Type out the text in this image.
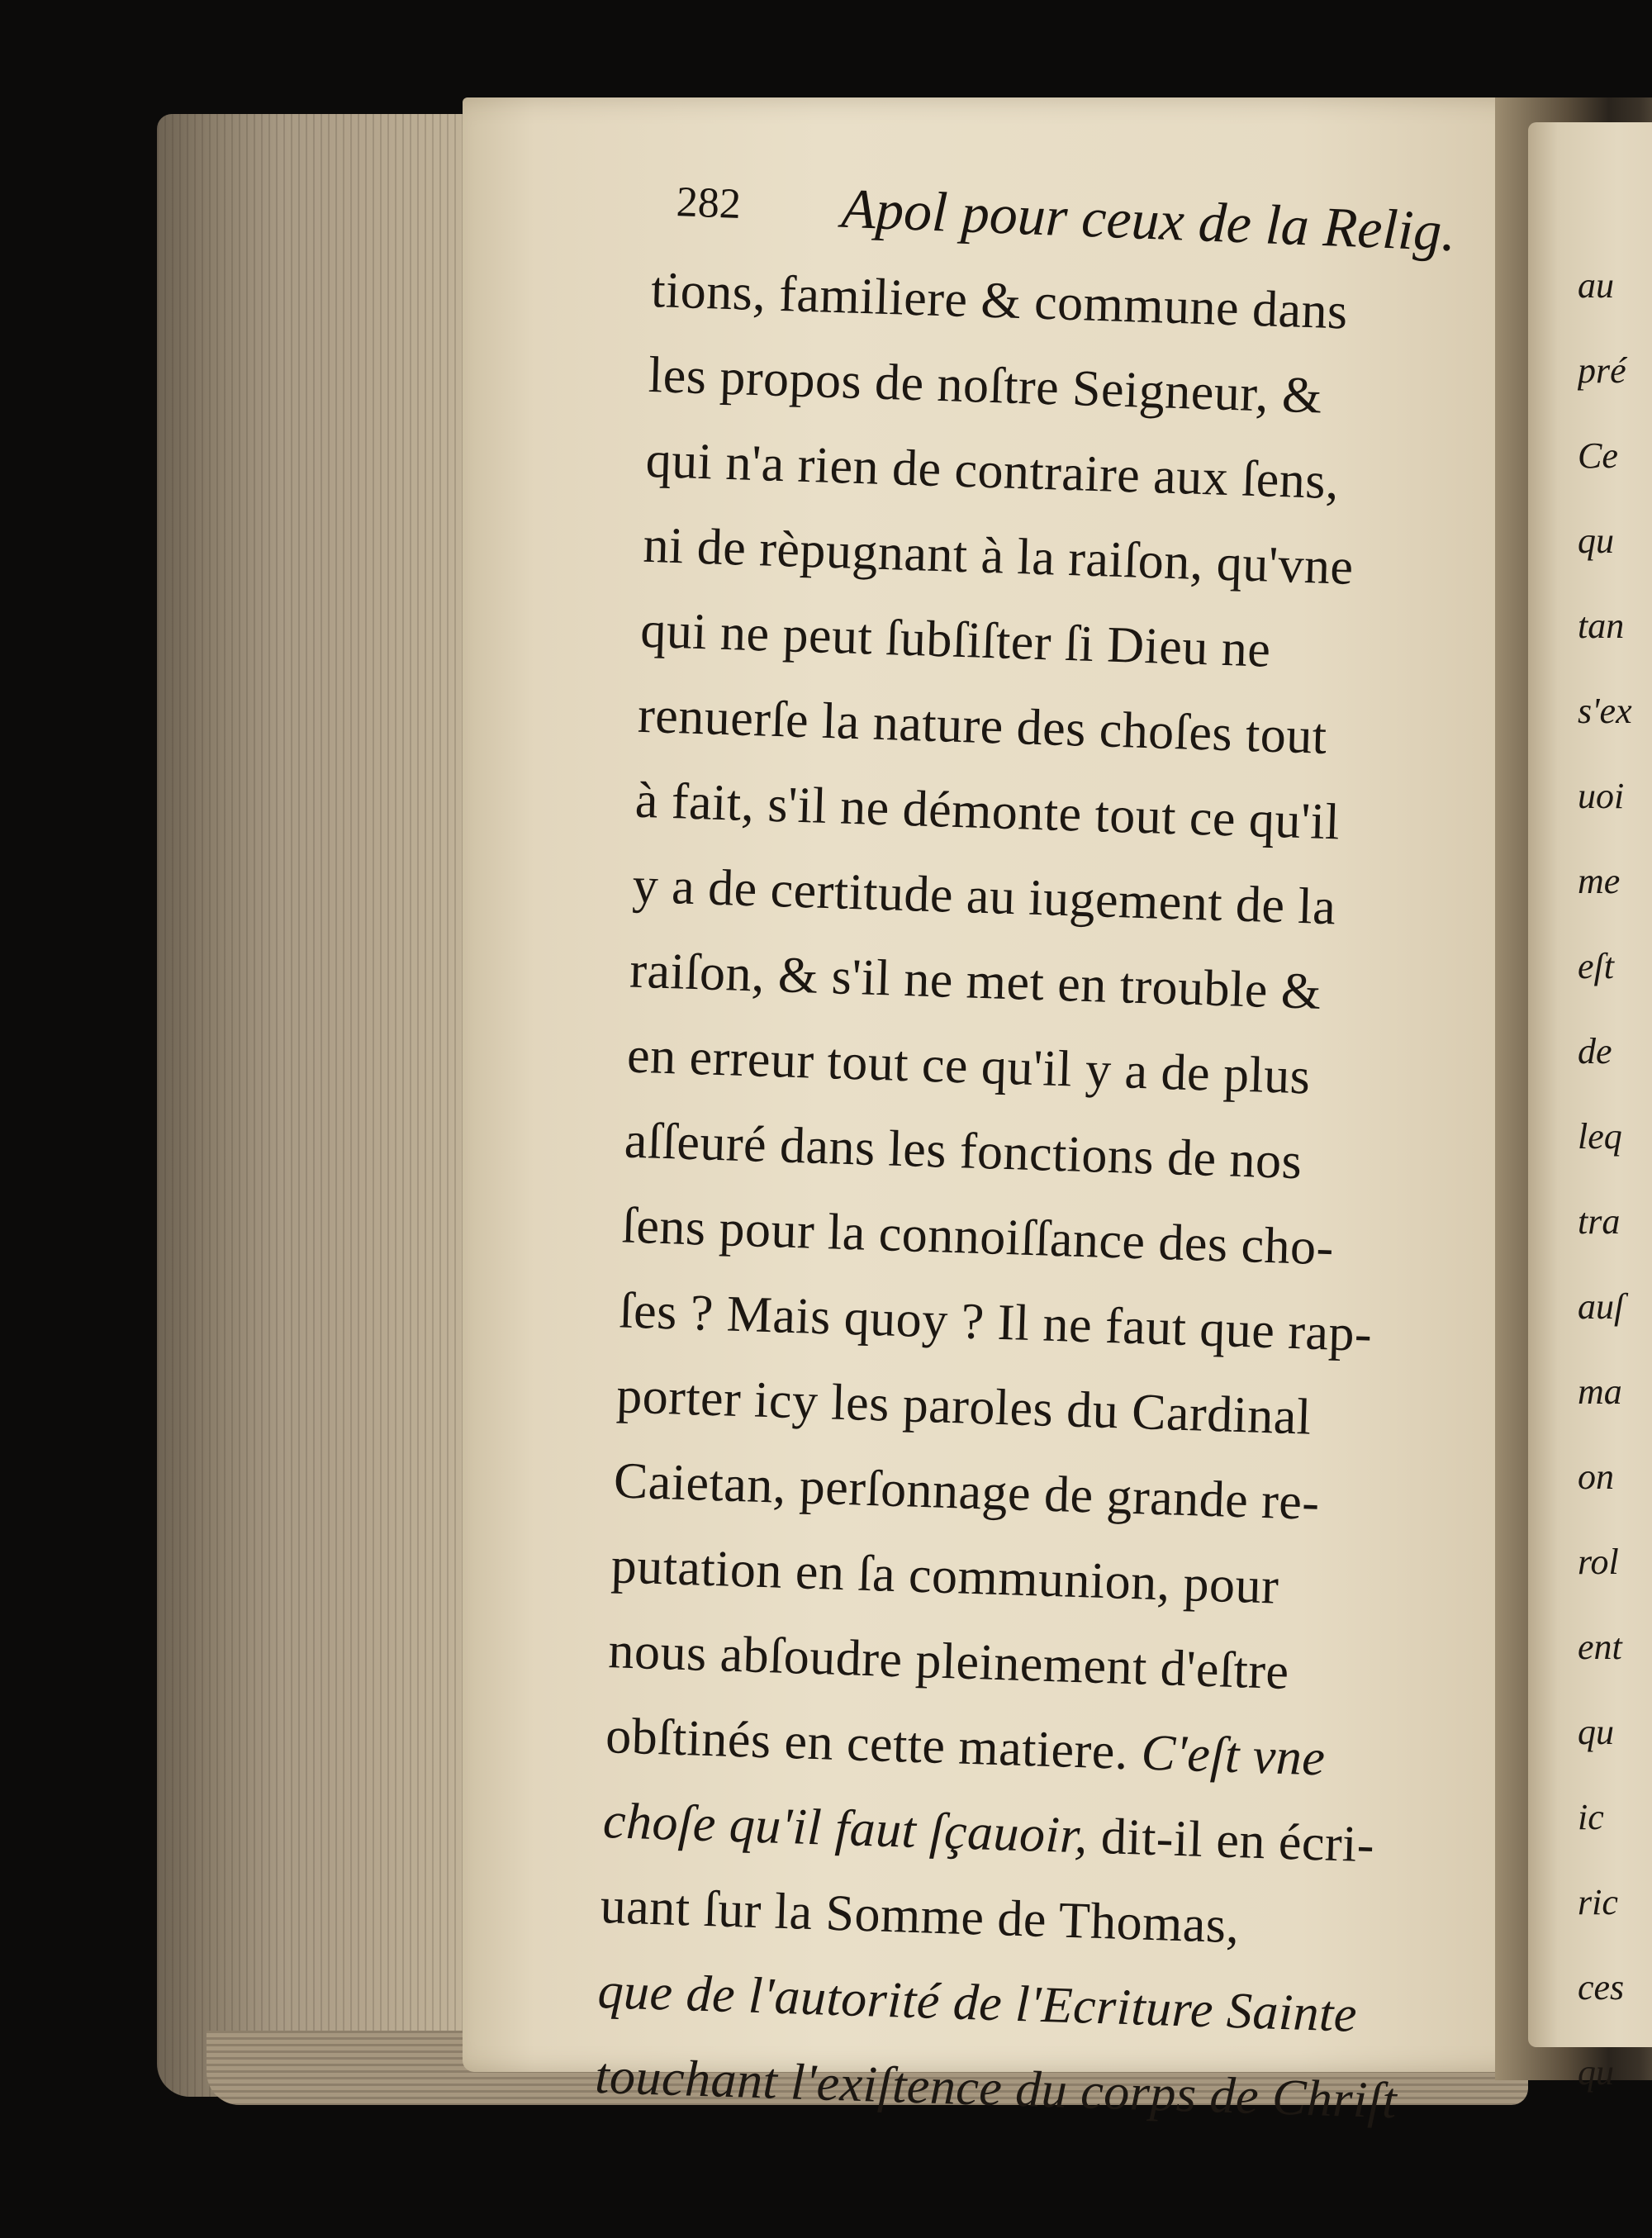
282 Apol pour ceux de la Relig.
tions, familiere & commune dans
les propos de noſtre Seigneur, &
qui n'a rien de contraire aux ſens,
ni de rèpugnant à la raiſon, qu'vne
qui ne peut ſubſiſter ſi Dieu ne
renuerſe la nature des choſes tout
à fait, s'il ne démonte tout ce qu'il
y a de certitude au iugement de la
raiſon, & s'il ne met en trouble &
en erreur tout ce qu'il y a de plus
aſſeuré dans les fonctions de nos
ſens pour la connoiſſance des cho-
ſes ? Mais quoy ? Il ne faut que rap-
porter icy les paroles du Cardinal
Caietan, perſonnage de grande re-
putation en ſa communion, pour
nous abſoudre pleinement d'eſtre
obſtinés en cette matiere. C'eſt vne
choſe qu'il faut ſçauoir, dit-il en écri-
uant ſur la Somme de Thomas,
que de l'autorité de l'Ecriture Sainte
touchant l'exiſtence du corps de Chriſt
au
pré
Ce
qu
tan
s'ex
uoi
me
eſt
de
leq
tra
auſ
ma
on
rol
ent
qu
ic
ric
ces
qu
